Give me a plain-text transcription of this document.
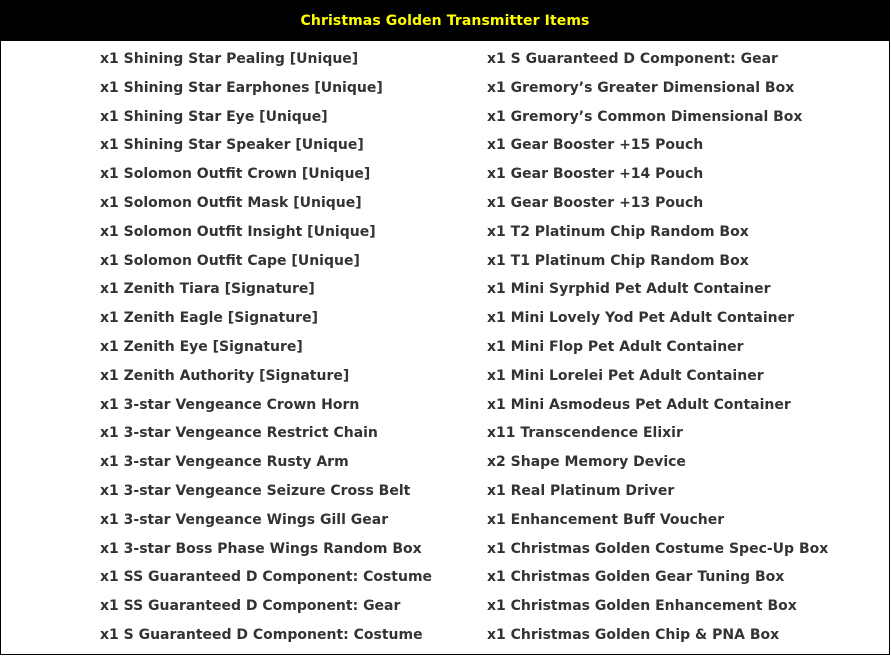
Christmas Golden Transmitter Items
x1 Shining Star Pealing [Unique]
x1 Shining Star Earphones [Unique]
x1 Shining Star Eye [Unique]
x1 Shining Star Speaker [Unique]
x1 Solomon Outfit Crown [Unique]
x1 Solomon Outfit Mask [Unique]
x1 Solomon Outfit Insight [Unique]
x1 Solomon Outfit Cape [Unique]
x1 Zenith Tiara [Signature]
x1 Zenith Eagle [Signature]
x1 Zenith Eye [Signature]
x1 Zenith Authority [Signature]
x1 3-star Vengeance Crown Horn
x1 3-star Vengeance Restrict Chain
x1 3-star Vengeance Rusty Arm
x1 3-star Vengeance Seizure Cross Belt
x1 3-star Vengeance Wings Gill Gear
x1 3-star Boss Phase Wings Random Box
x1 SS Guaranteed D Component: Costume
x1 SS Guaranteed D Component: Gear
x1 S Guaranteed D Component: Costume
x1 S Guaranteed D Component: Gear
x1 Gremory’s Greater Dimensional Box
x1 Gremory’s Common Dimensional Box
x1 Gear Booster +15 Pouch
x1 Gear Booster +14 Pouch
x1 Gear Booster +13 Pouch
x1 T2 Platinum Chip Random Box
x1 T1 Platinum Chip Random Box
x1 Mini Syrphid Pet Adult Container
x1 Mini Lovely Yod Pet Adult Container
x1 Mini Flop Pet Adult Container
x1 Mini Lorelei Pet Adult Container
x1 Mini Asmodeus Pet Adult Container
x11 Transcendence Elixir
x2 Shape Memory Device
x1 Real Platinum Driver
x1 Enhancement Buff Voucher
x1 Christmas Golden Costume Spec-Up Box
x1 Christmas Golden Gear Tuning Box
x1 Christmas Golden Enhancement Box
x1 Christmas Golden Chip & PNA Box
